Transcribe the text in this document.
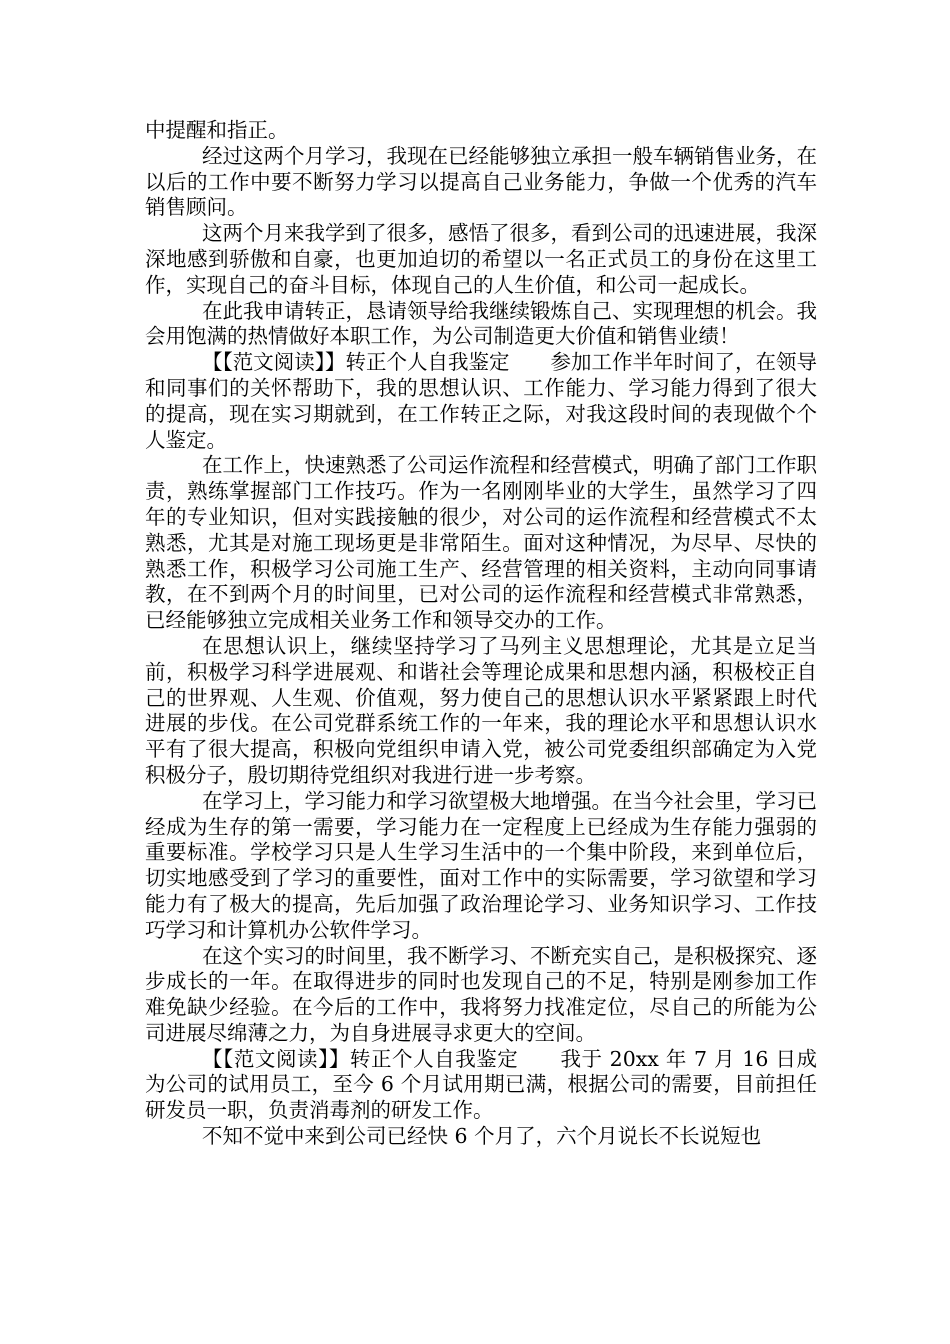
中提醒和指正。

经过这两个月学习，我现在已经能够独立承担一般车辆销售业务，在以后的工作中要不断努力学习以提高自己业务能力，争做一个优秀的汽车销售顾问。

这两个月来我学到了很多，感悟了很多，看到公司的迅速进展，我深深地感到骄傲和自豪，也更加迫切的希望以一名正式员工的身份在这里工作，实现自己的奋斗目标，体现自己的人生价值，和公司一起成长。

在此我申请转正，恳请领导给我继续锻炼自己、实现理想的机会。我会用饱满的热情做好本职工作，为公司制造更大价值和销售业绩！

【【范文阅读】】转正个人自我鉴定　　参加工作半年时间了，在领导和同事们的关怀帮助下，我的思想认识、工作能力、学习能力得到了很大的提高，现在实习期就到，在工作转正之际，对我这段时间的表现做个个人鉴定。

在工作上，快速熟悉了公司运作流程和经营模式，明确了部门工作职责，熟练掌握部门工作技巧。作为一名刚刚毕业的大学生，虽然学习了四年的专业知识，但对实践接触的很少，对公司的运作流程和经营模式不太熟悉，尤其是对施工现场更是非常陌生。面对这种情况，为尽早、尽快的熟悉工作，积极学习公司施工生产、经营管理的相关资料，主动向同事请教，在不到两个月的时间里，已对公司的运作流程和经营模式非常熟悉，已经能够独立完成相关业务工作和领导交办的工作。

在思想认识上，继续坚持学习了马列主义思想理论，尤其是立足当前，积极学习科学进展观、和谐社会等理论成果和思想内涵，积极校正自己的世界观、人生观、价值观，努力使自己的思想认识水平紧紧跟上时代进展的步伐。在公司党群系统工作的一年来，我的理论水平和思想认识水平有了很大提高，积极向党组织申请入党，被公司党委组织部确定为入党积极分子，殷切期待党组织对我进行进一步考察。

在学习上，学习能力和学习欲望极大地增强。在当今社会里，学习已经成为生存的第一需要，学习能力在一定程度上已经成为生存能力强弱的重要标准。学校学习只是人生学习生活中的一个集中阶段，来到单位后，切实地感受到了学习的重要性，面对工作中的实际需要，学习欲望和学习能力有了极大的提高，先后加强了政治理论学习、业务知识学习、工作技巧学习和计算机办公软件学习。

在这个实习的时间里，我不断学习、不断充实自己，是积极探究、逐步成长的一年。在取得进步的同时也发现自己的不足，特别是刚参加工作难免缺少经验。在今后的工作中，我将努力找准定位，尽自己的所能为公司进展尽绵薄之力，为自身进展寻求更大的空间。

【【范文阅读】】转正个人自我鉴定　　我于 20xx 年 7 月 16 日成为公司的试用员工，至今 6 个月试用期已满，根据公司的需要，目前担任研发员一职，负责消毒剂的研发工作。

不知不觉中来到公司已经快 6 个月了，六个月说长不长说短也
